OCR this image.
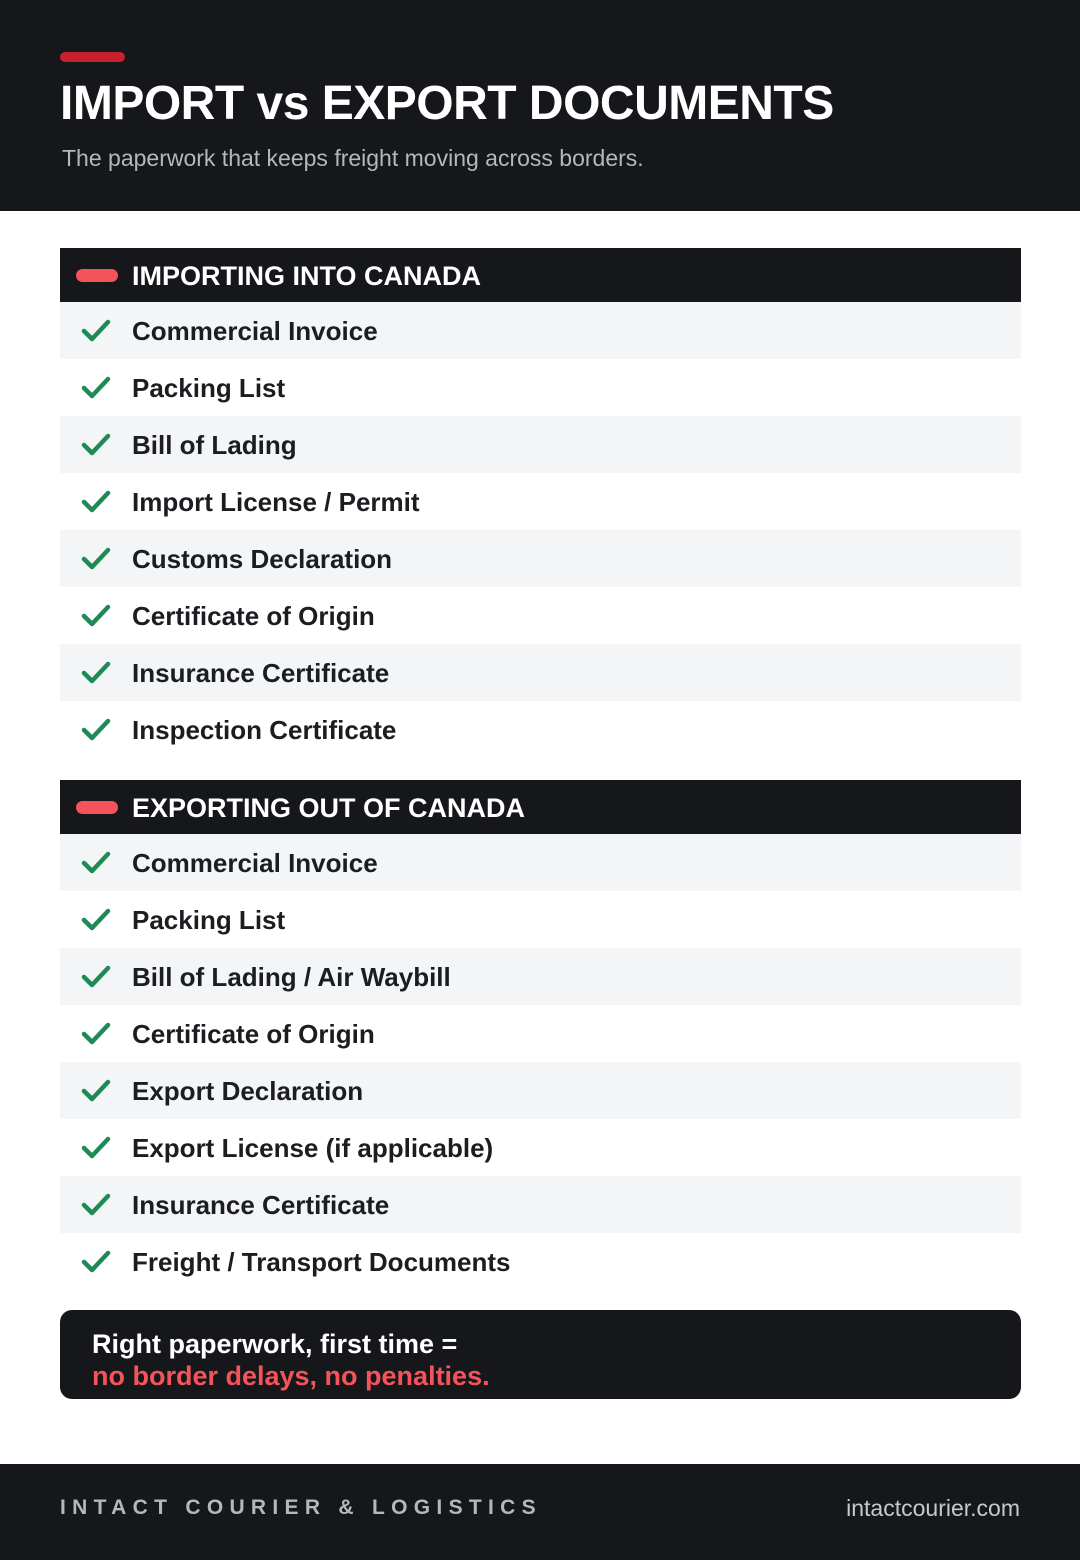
IMPORT vs EXPORT DOCUMENTS
The paperwork that keeps freight moving across borders.
IMPORTING INTO CANADA
Commercial Invoice
Packing List
Bill of Lading
Import License / Permit
Customs Declaration
Certificate of Origin
Insurance Certificate
Inspection Certificate
EXPORTING OUT OF CANADA
Commercial Invoice
Packing List
Bill of Lading / Air Waybill
Certificate of Origin
Export Declaration
Export License (if applicable)
Insurance Certificate
Freight / Transport Documents
Right paperwork, first time =
no border delays, no penalties.
INTACT COURIER & LOGISTICS	intactcourier.com
